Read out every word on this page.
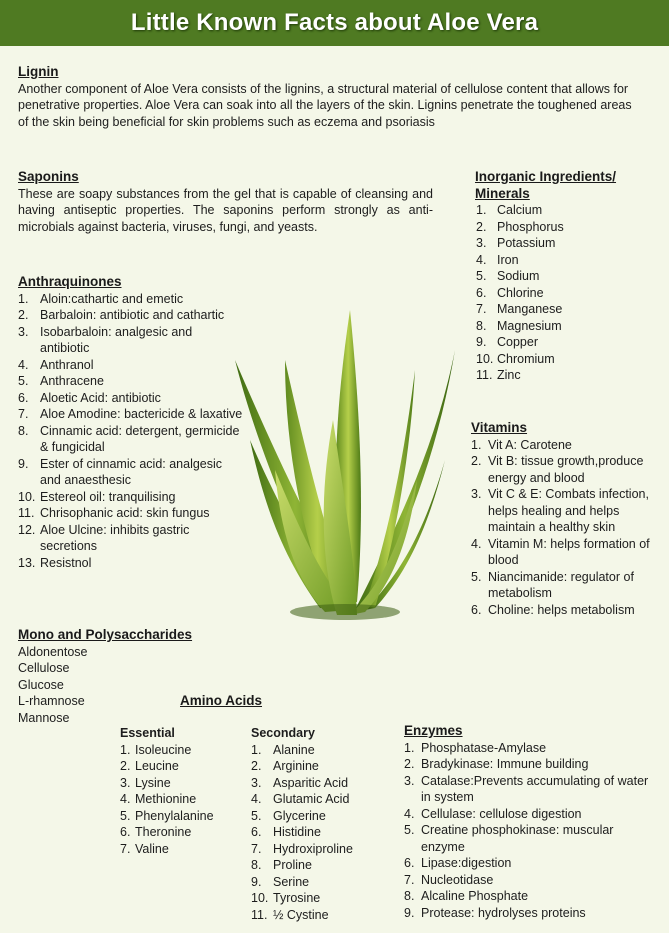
Little Known Facts about Aloe Vera
Lignin

Another component of Aloe Vera consists of the lignins, a structural material of cellulose content that allows for penetrative properties. Aloe Vera can soak into all the layers of the skin. Lignins penetrate the toughened areas of the skin being beneficial for skin problems such as eczema and psoriasis

Saponins

These are soapy substances from the gel that is capable of cleansing and having antiseptic properties. The saponins perform strongly as anti-microbials against bacteria, viruses, fungi, and yeasts.

Anthraquinones
1. Aloin:cathartic and emetic
2. Barbaloin: antibiotic and cathartic
3. Isobarbaloin: analgesic and antibiotic
4. Anthranol
5. Anthracene
6. Aloetic Acid: antibiotic
7. Aloe Amodine: bactericide & laxative
8. Cinnamic acid: detergent, germicide & fungicidal
9. Ester of cinnamic acid: analgesic and anaesthesic
10. Estereol oil: tranquilising
11. Chrisophanic acid: skin fungus
12. Aloe Ulcine: inhibits gastric secretions
13. Resistnol
Mono and Polysaccharides
Aldonentose
Cellulose
Glucose
L-rhamnose
Mannose
Inorganic Ingredients/
Minerals
1. Calcium
2. Phosphorus
3. Potassium
4. Iron
5. Sodium
6. Chlorine
7. Manganese
8. Magnesium
9. Copper
10. Chromium
11. Zinc
Vitamins
1. Vit A: Carotene
2. Vit B: tissue growth,produce energy and blood
3. Vit C & E: Combats infection, helps healing and helps maintain a healthy skin
4. Vitamin M: helps formation of blood
5. Niancimanide: regulator of metabolism
6. Choline: helps metabolism
Amino Acids
Essential
1. Isoleucine
2. Leucine
3. Lysine
4. Methionine
5. Phenylalanine
6. Theronine
7. Valine
Secondary
1. Alanine
2. Arginine
3. Asparitic Acid
4. Glutamic Acid
5. Glycerine
6. Histidine
7. Hydroxiproline
8. Proline
9. Serine
10. Tyrosine
11. ½ Cystine
Enzymes
1. Phosphatase-Amylase
2. Bradykinase: Immune building
3. Catalase:Prevents accumulating of water in system
4. Cellulase: cellulose digestion
5. Creatine phosphokinase: muscular enzyme
6. Lipase:digestion
7. Nucleotidase
8. Alcaline Phosphate
9. Protease: hydrolyses proteins
